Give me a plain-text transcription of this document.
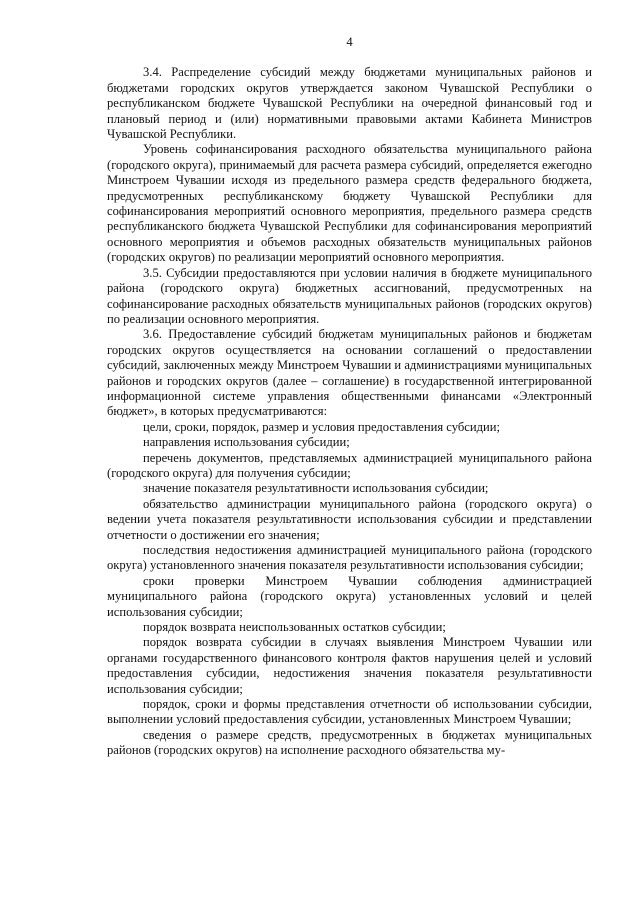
4

3.4. Распределение субсидий между бюджетами муниципальных районов и бюджетами городских округов утверждается законом Чувашской Республики о республиканском бюджете Чувашской Республики на очередной финансовый год и плановый период и (или) нормативными правовыми актами Кабинета Министров Чувашской Республики.

Уровень софинансирования расходного обязательства муниципального района (городского округа), принимаемый для расчета размера субсидий, определяется ежегодно Минстроем Чувашии исходя из предельного размера средств федерального бюджета, предусмотренных республиканскому бюджету Чувашской Республики для софинансирования мероприятий основного мероприятия, предельного размера средств республиканского бюджета Чувашской Республики для софинансирования мероприятий основного мероприятия и объемов расходных обязательств муниципальных районов (городских округов) по реализации мероприятий основного мероприятия.

3.5. Субсидии предоставляются при условии наличия в бюджете муниципального района (городского округа) бюджетных ассигнований, предусмотренных на софинансирование расходных обязательств муниципальных районов (городских округов) по реализации основного мероприятия.

3.6. Предоставление субсидий бюджетам муниципальных районов и бюджетам городских округов осуществляется на основании соглашений о предоставлении субсидий, заключенных между Минстроем Чувашии и администрациями муниципальных районов и городских округов (далее – соглашение) в государственной интегрированной информационной системе управления общественными финансами «Электронный бюджет», в которых предусматриваются:

цели, сроки, порядок, размер и условия предоставления субсидии;

направления использования субсидии;

перечень документов, представляемых администрацией муниципального района (городского округа) для получения субсидии;

значение показателя результативности использования субсидии;

обязательство администрации муниципального района (городского округа) о ведении учета показателя результативности использования субсидии и представлении отчетности о достижении его значения;

последствия недостижения администрацией муниципального района (городского округа) установленного значения показателя результативности использования субсидии;

сроки проверки Минстроем Чувашии соблюдения администрацией муниципального района (городского округа) установленных условий и целей использования субсидии;

порядок возврата неиспользованных остатков субсидии;

порядок возврата субсидии в случаях выявления Минстроем Чувашии или органами государственного финансового контроля фактов нарушения целей и условий предоставления субсидии, недостижения значения показателя результативности использования субсидии;

порядок, сроки и формы представления отчетности об использовании субсидии, выполнении условий предоставления субсидии, установленных Минстроем Чувашии;

сведения о размере средств, предусмотренных в бюджетах муниципальных районов (городских округов) на исполнение расходного обязательства му-
